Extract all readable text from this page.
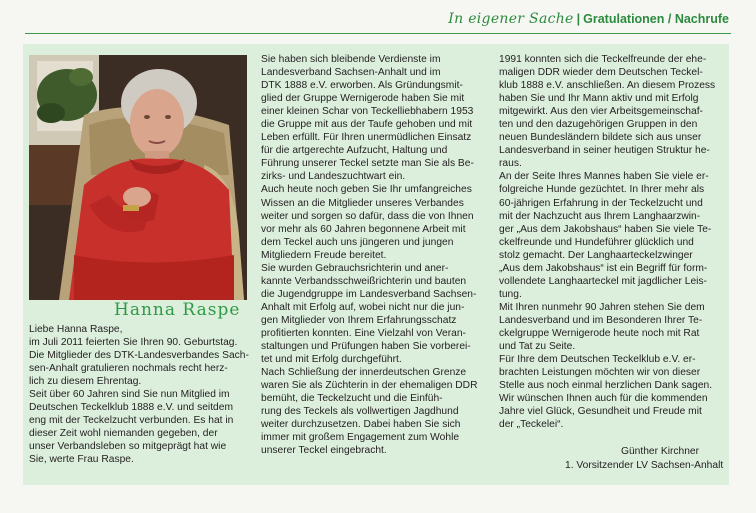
In eigener Sache | Gratulationen / Nachrufe
Hanna Raspe
Liebe Hanna Raspe,
im Juli 2011 feierten Sie Ihren 90. Geburtstag.
Die Mitglieder des DTK-Landesverbandes Sach-
sen-Anhalt gratulieren nochmals recht herz-
lich zu diesem Ehrentag.
Seit über 60 Jahren sind Sie nun Mitglied im
Deutschen Teckelklub 1888 e.V. und seitdem
eng mit der Teckelzucht verbunden. Es hat in
dieser Zeit wohl niemanden gegeben, der
unser Verbandsleben so mitgeprägt hat wie
Sie, werte Frau Raspe.
Sie haben sich bleibende Verdienste im
Landesverband Sachsen-Anhalt und im
DTK 1888 e.V. erworben. Als Gründungsmit-
glied der Gruppe Wernigerode haben Sie mit
einer kleinen Schar von Teckelliebhabern 1953
die Gruppe mit aus der Taufe gehoben und mit
Leben erfüllt. Für Ihren unermüdlichen Einsatz
für die artgerechte Aufzucht, Haltung und
Führung unserer Teckel setzte man Sie als Be-
zirks- und Landeszuchtwart ein.
Auch heute noch geben Sie Ihr umfangreiches
Wissen an die Mitglieder unseres Verbandes
weiter und sorgen so dafür, dass die von Ihnen
vor mehr als 60 Jahren begonnene Arbeit mit
dem Teckel auch uns jüngeren und jungen
Mitgliedern Freude bereitet.
Sie wurden Gebrauchsrichterin und aner-
kannte Verbandsschweißrichterin und bauten
die Jugendgruppe im Landesverband Sachsen-
Anhalt mit Erfolg auf, wobei nicht nur die jun-
gen Mitglieder von Ihrem Erfahrungsschatz
profitierten konnten. Eine Vielzahl von Veran-
staltungen und Prüfungen haben Sie vorberei-
tet und mit Erfolg durchgeführt.
Nach Schließung der innerdeutschen Grenze
waren Sie als Züchterin in der ehemaligen DDR
bemüht, die Teckelzucht und die Einfüh-
rung des Teckels als vollwertigen Jagdhund
weiter durchzusetzen. Dabei haben Sie sich
immer mit großem Engagement zum Wohle
unserer Teckel eingebracht.
1991 konnten sich die Teckelfreunde der ehe-
maligen DDR wieder dem Deutschen Teckel-
klub 1888 e.V. anschließen. An diesem Prozess
haben Sie und Ihr Mann aktiv und mit Erfolg
mitgewirkt. Aus den vier Arbeitsgemeinschaf-
ten und den dazugehörigen Gruppen in den
neuen Bundesländern bildete sich aus unser
Landesverband in seiner heutigen Struktur he-
raus.
An der Seite Ihres Mannes haben Sie viele er-
folgreiche Hunde gezüchtet. In Ihrer mehr als
60-jährigen Erfahrung in der Teckelzucht und
mit der Nachzucht aus Ihrem Langhaarzwin-
ger „Aus dem Jakobshaus“ haben Sie viele Te-
ckelfreunde und Hundeführer glücklich und
stolz gemacht. Der Langhaarteckelzwinger
„Aus dem Jakobshaus“ ist ein Begriff für form-
vollendete Langhaarteckel mit jagdlicher Leis-
tung.
Mit Ihren nunmehr 90 Jahren stehen Sie dem
Landesverband und im Besonderen Ihrer Te-
ckelgruppe Wernigerode heute noch mit Rat
und Tat zu Seite.
Für Ihre dem Deutschen Teckelklub e.V. er-
brachten Leistungen möchten wir von dieser
Stelle aus noch einmal herzlichen Dank sagen.
Wir wünschen Ihnen auch für die kommenden
Jahre viel Glück, Gesundheit und Freude mit
der „Teckelei“.
Günther Kirchner
1. Vorsitzender LV Sachsen-Anhalt
